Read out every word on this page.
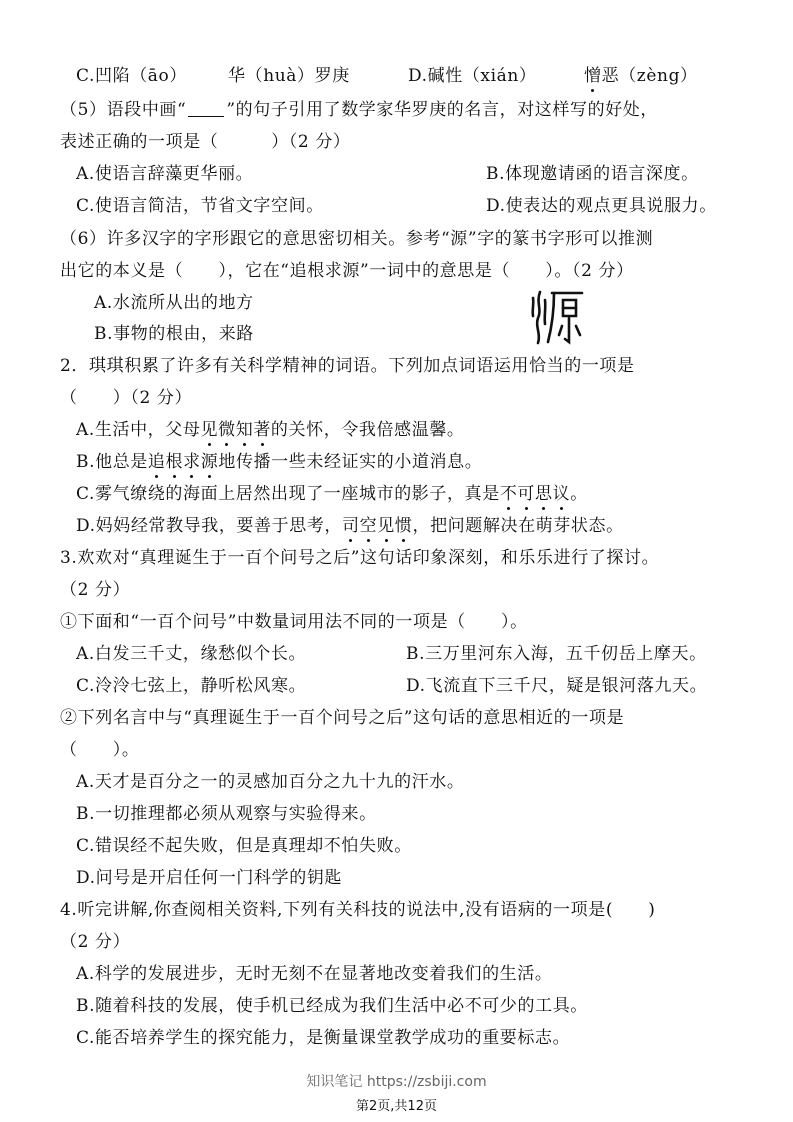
C.凹陷（āo） 华（huà）罗庚	D.碱性（xián）	憎恶（zèng）
（5）语段中画“ ”的句子引用了数学家华罗庚的名言，对这样写的好处，
表述正确的一项是（　　　）（2 分）
A.使语言辞藻更华丽。	B.体现邀请函的语言深度。
C.使语言简洁，节省文字空间。	D.使表达的观点更具说服力。
（6）许多汉字的字形跟它的意思密切相关。参考“源”字的篆书字形可以推测
出它的本义是（　　），它在“追根求源”一词中的意思是（　　）。（2 分）
A.水流所从出的地方
B.事物的根由，来路
2．琪琪积累了许多有关科学精神的词语。下列加点词语运用恰当的一项是
（　　）（2 分）
A.生活中，父母见微知著的关怀，令我倍感温馨。
B.他总是追根求源地传播一些未经证实的小道消息。
C.雾气缭绕的海面上居然出现了一座城市的影子，真是不可思议。
D.妈妈经常教导我，要善于思考，司空见惯，把问题解决在萌芽状态。
3.欢欢对“真理诞生于一百个问号之后”这句话印象深刻，和乐乐进行了探讨。
（2 分）
①下面和“一百个问号”中数量词用法不同的一项是（　　）。
A.白发三千丈，缘愁似个长。	B.三万里河东入海，五千仞岳上摩天。
C.泠泠七弦上，静听松风寒。	D.飞流直下三千尺，疑是银河落九天。
②下列名言中与“真理诞生于一百个问号之后”这句话的意思相近的一项是
（　　）。
A.天才是百分之一的灵感加百分之九十九的汗水。
B.一切推理都必须从观察与实验得来。
C.错误经不起失败，但是真理却不怕失败。
D.问号是开启任何一门科学的钥匙
4.听完讲解,你查阅相关资料,下列有关科技的说法中,没有语病的一项是(　　)
（2 分）
A.科学的发展进步，无时无刻不在显著地改变着我们的生活。
B.随着科技的发展，使手机已经成为我们生活中必不可少的工具。
C.能否培养学生的探究能力，是衡量课堂教学成功的重要标志。
知识笔记 https://zsbiji.com
第2页,共12页
